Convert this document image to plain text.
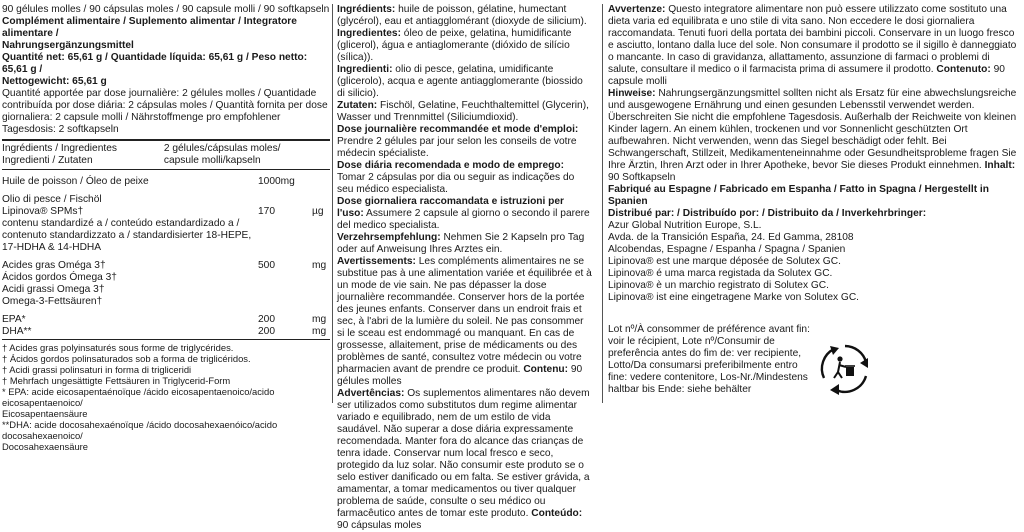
90 gélules molles / 90 cápsulas moles / 90 capsule molli / 90 softkapseln

Complément alimentaire / Suplemento alimentar / Integratore alimentare /

Nahrungsergänzungsmittel

Quantité net: 65,61 g / Quantidade líquida: 65,61 g / Peso netto: 65,61 g /

Nettogewicht: 65,61 g

Quantité apportée par dose journalière: 2 gélules molles / Quantidade contribuída por dose diária: 2 cápsulas moles / Quantità fornita per dose giornaliera: 2 capsule molli / Nährstoffmenge pro empfohlener Tagesdosis: 2 softkapseln

Ingrédients / Ingredientes
Ingredienti / Zutaten	2 gélules/cápsulas moles/
capsule molli/kapseln
Huile de poisson / Óleo de peixe	1000mg	

Olio di pesce / Fischöl		
Lipinova® SPMs†	170	µg
contenu standardizé a / conteúdo estandardizado a / contenuto standardizzato a / standardisierter 18-HEPE, 17-HDHA & 14-HDHA		

Acides gras Oméga 3†
Ácidos gordos Ómega 3†
Acidi grassi Omega 3†
Omega-3-Fettsäuren†	500	mg

EPA*	200	mg
DHA**	200	mg

† Acides gras polyinsaturés sous forme de triglycérides.

† Ácidos gordos polinsaturados sob a forma de triglicéridos.

† Acidi grassi polinsaturi in forma di trigliceridi

† Mehrfach ungesättigte Fettsäuren in Triglycerid-Form

* EPA: acide eicosapentaénoïque /ácido eicosapentaenoico/acido eicosapentaenoico/

Eicosapentaensäure

**DHA: acide docosahexaénoïque /ácido docosahexaenóico/acido docosahexaenoico/

Docosahexaensäure

Ingrédients: huile de poisson, gélatine, humectant (glycérol), eau et antiagglomérant (dioxyde de silicium).

Ingredientes: óleo de peixe, gelatina, humidificante (glicerol), água e antiaglomerante (dióxido de silício (sílica)).

Ingredienti: olio di pesce, gelatina, umidificante (glicerolo), acqua e agente antiagglomerante (biossido di silicio).

Zutaten: Fischöl, Gelatine, Feuchthaltemittel (Glycerin), Wasser und Trennmittel (Siliciumdioxid).

Dose journalière recommandée et mode d'emploi: Prendre 2 gélules par jour selon les conseils de votre médecin spécialiste.

Dose diária recomendada e modo de emprego: Tomar 2 cápsulas por dia ou seguir as indicações do seu médico especialista.

Dose giornaliera raccomandata e istruzioni per l'uso: Assumere 2 capsule al giorno o secondo il parere del medico specialista.

Verzehrsempfehlung: Nehmen Sie 2 Kapseln pro Tag oder auf Anweisung Ihres Arztes ein.

Avertissements: Les compléments alimentaires ne se substitue pas à une alimentation variée et équilibrée et à un mode de vie sain. Ne pas dépasser la dose journalière recommandée. Conserver hors de la portée des jeunes enfants. Conserver dans un endroit frais et sec, à l'abri de la lumière du soleil. Ne pas consommer si le sceau est endommagé ou manquant. En cas de grossesse, allaitement, prise de médicaments ou des problèmes de santé, consultez votre médecin ou votre pharmacien avant de prendre ce produit. Contenu: 90 gélules molles

Advertências: Os suplementos alimentares não devem ser utilizados como substitutos dum regime alimentar variado e equilibrado, nem de um estilo de vida saudável. Não superar a dose diária expressamente recomendada. Manter fora do alcance das crianças de tenra idade. Conservar num local fresco e seco, protegido da luz solar. Não consumir este produto se o selo estiver danificado ou em falta. Se estiver grávida, a amamentar, a tomar medicamentos ou tiver qualquer problema de saúde, consulte o seu médico ou farmacêutico antes de tomar este produto. Conteúdo: 90 cápsulas moles

Avvertenze: Questo integratore alimentare non può essere utilizzato come sostituto una dieta varia ed equilibrata e uno stile di vita sano. Non eccedere le dosi giornaliera raccomandata. Tenuti fuori della portata dei bambini piccoli. Conservare in un luogo fresco e asciutto, lontano dalla luce del sole. Non consumare il prodotto se il sigillo è danneggiato o mancante. In caso di gravidanza, allattamento, assunzione di farmaci o problemi di salute, consultare il medico o il farmacista prima di assumere il prodotto. Contenuto: 90 capsule molli

Hinweise: Nahrungsergänzungsmittel sollten nicht als Ersatz für eine abwechslungsreiche und ausgewogene Ernährung und einen gesunden Lebensstil verwendet werden. Überschreiten Sie nicht die empfohlene Tagesdosis. Außerhalb der Reichweite von kleinen Kinder lagern. An einem kühlen, trockenen und vor Sonnenlicht geschützten Ort aufbewahren. Nicht verwenden, wenn das Siegel beschädigt oder fehlt. Bei Schwangerschaft, Stillzeit, Medikamenteneinnahme oder Gesundheitsprobleme fragen Sie Ihre Ärztin, Ihren Arzt oder in Ihrer Apotheke, bevor Sie dieses Produkt einnehmen. Inhalt: 90 Softkapseln

Fabriqué au Espagne / Fabricado em Espanha / Fatto in Spagna / Hergestellt in Spanien

Distribué par: / Distribuído por: / Distribuito da / Inverkehrbringer:

Azur Global Nutrition Europe, S.L.

Avda. de la Transición España, 24. Ed Gamma, 28108

Alcobendas, Espagne / Espanha / Spagna / Spanien

Lipinova® est une marque déposée de Solutex GC.

Lipinova® é uma marca registada da Solutex GC.

Lipinova® è un marchio registrato di Solutex GC.

Lipinova® ist eine eingetragene Marke von Solutex GC.

Lot nº/À consommer de préférence avant fin: voir le récipient, Lote nº/Consumir de preferência antes do fim de: ver recipiente, Lotto/Da consumarsi preferibilmente entro fine: vedere contenitore, Los-Nr./Mindestens haltbar bis Ende: siehe behälter
